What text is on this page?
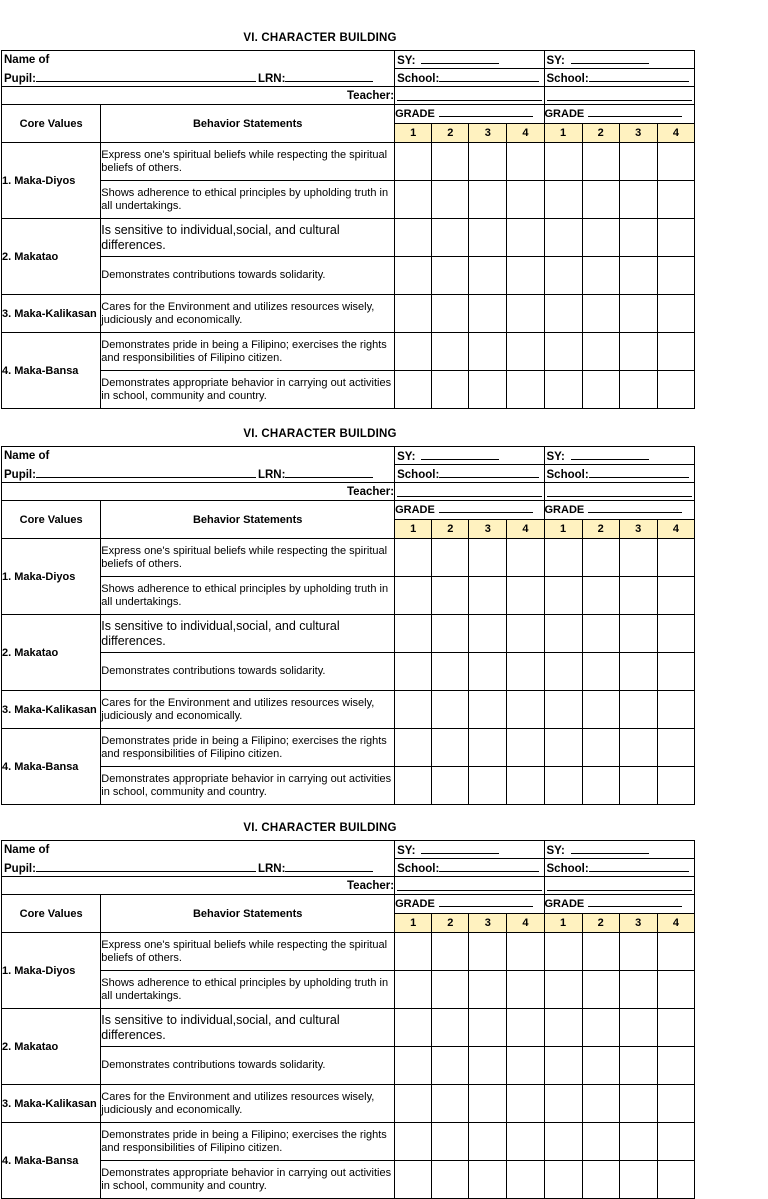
VI. CHARACTER BUILDING
Name of		SY:				SY:			
Pupil: LRN:		School:				School:			
Teacher:								

Core Values	Behavior Statements	GRADE				GRADE			
		1	2	3	4	1	2	3	4
1. Maka-Diyos	Express one's spiritual beliefs while respecting the spiritual beliefs of others.								
	Shows adherence to ethical principles by upholding truth in all undertakings.								
2. Makatao	Is sensitive to individual,social, and cultural differences.								
	Demonstrates contributions towards solidarity.								
3. Maka-Kalikasan	Cares for the Environment and utilizes resources wisely, judiciously and economically.								
4. Maka-Bansa	Demonstrates pride in being a Filipino; exercises the rights and responsibilities of Filipino citizen.								
	Demonstrates appropriate behavior in carrying out activities in school, community and country.								
VI. CHARACTER BUILDING
Name of		SY:				SY:			
Pupil: LRN:		School:				School:			
Teacher:								

Core Values	Behavior Statements	GRADE				GRADE			
		1	2	3	4	1	2	3	4
1. Maka-Diyos	Express one's spiritual beliefs while respecting the spiritual beliefs of others.								
	Shows adherence to ethical principles by upholding truth in all undertakings.								
2. Makatao	Is sensitive to individual,social, and cultural differences.								
	Demonstrates contributions towards solidarity.								
3. Maka-Kalikasan	Cares for the Environment and utilizes resources wisely, judiciously and economically.								
4. Maka-Bansa	Demonstrates pride in being a Filipino; exercises the rights and responsibilities of Filipino citizen.								
	Demonstrates appropriate behavior in carrying out activities in school, community and country.								
VI. CHARACTER BUILDING
Name of		SY:				SY:			
Pupil: LRN:		School:				School:			
Teacher:								

Core Values	Behavior Statements	GRADE				GRADE			
		1	2	3	4	1	2	3	4
1. Maka-Diyos	Express one's spiritual beliefs while respecting the spiritual beliefs of others.								
	Shows adherence to ethical principles by upholding truth in all undertakings.								
2. Makatao	Is sensitive to individual,social, and cultural differences.								
	Demonstrates contributions towards solidarity.								
3. Maka-Kalikasan	Cares for the Environment and utilizes resources wisely, judiciously and economically.								
4. Maka-Bansa	Demonstrates pride in being a Filipino; exercises the rights and responsibilities of Filipino citizen.								
	Demonstrates appropriate behavior in carrying out activities in school, community and country.								
